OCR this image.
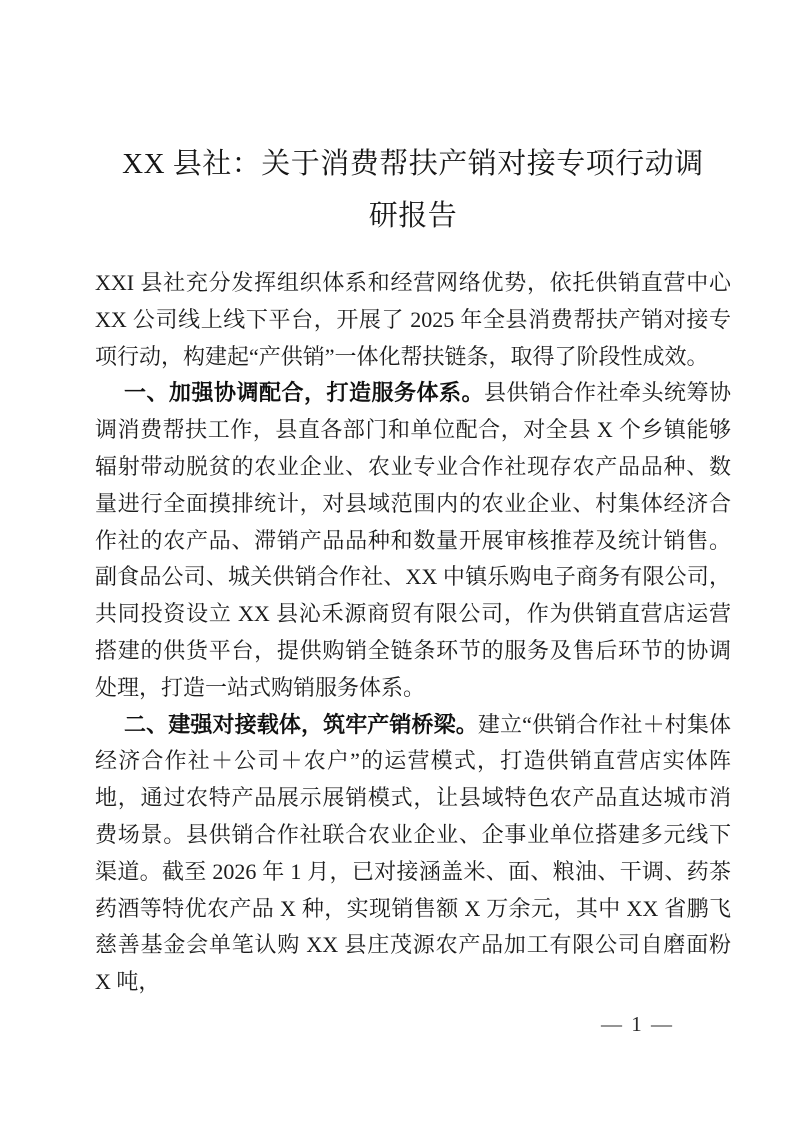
XX 县社：关于消费帮扶产销对接专项行动调
研报告

XXI 县社充分发挥组织体系和经营网络优势，依托供销直营中心XX 公司线上线下平台，开展了 2025 年全县消费帮扶产销对接专项行动，构建起“产供销”一体化帮扶链条，取得了阶段性成效。

一、加强协调配合，打造服务体系。县供销合作社牵头统筹协调消费帮扶工作，县直各部门和单位配合，对全县 X 个乡镇能够辐射带动脱贫的农业企业、农业专业合作社现存农产品品种、数量进行全面摸排统计，对县域范围内的农业企业、村集体经济合作社的农产品、滞销产品品种和数量开展审核推荐及统计销售。副食品公司、城关供销合作社、XX 中镇乐购电子商务有限公司，共同投资设立 XX 县沁禾源商贸有限公司，作为供销直营店运营搭建的供货平台，提供购销全链条环节的服务及售后环节的协调处理，打造一站式购销服务体系。

二、建强对接载体，筑牢产销桥梁。建立“供销合作社＋村集体经济合作社＋公司＋农户”的运营模式，打造供销直营店实体阵地，通过农特产品展示展销模式，让县域特色农产品直达城市消费场景。县供销合作社联合农业企业、企事业单位搭建多元线下渠道。截至 2026 年 1 月，已对接涵盖米、面、粮油、干调、药茶药酒等特优农产品 X 种，实现销售额 X 万余元，其中 XX 省鹏飞慈善基金会单笔认购 XX 县庄茂源农产品加工有限公司自磨面粉 X 吨，

— 1 —
